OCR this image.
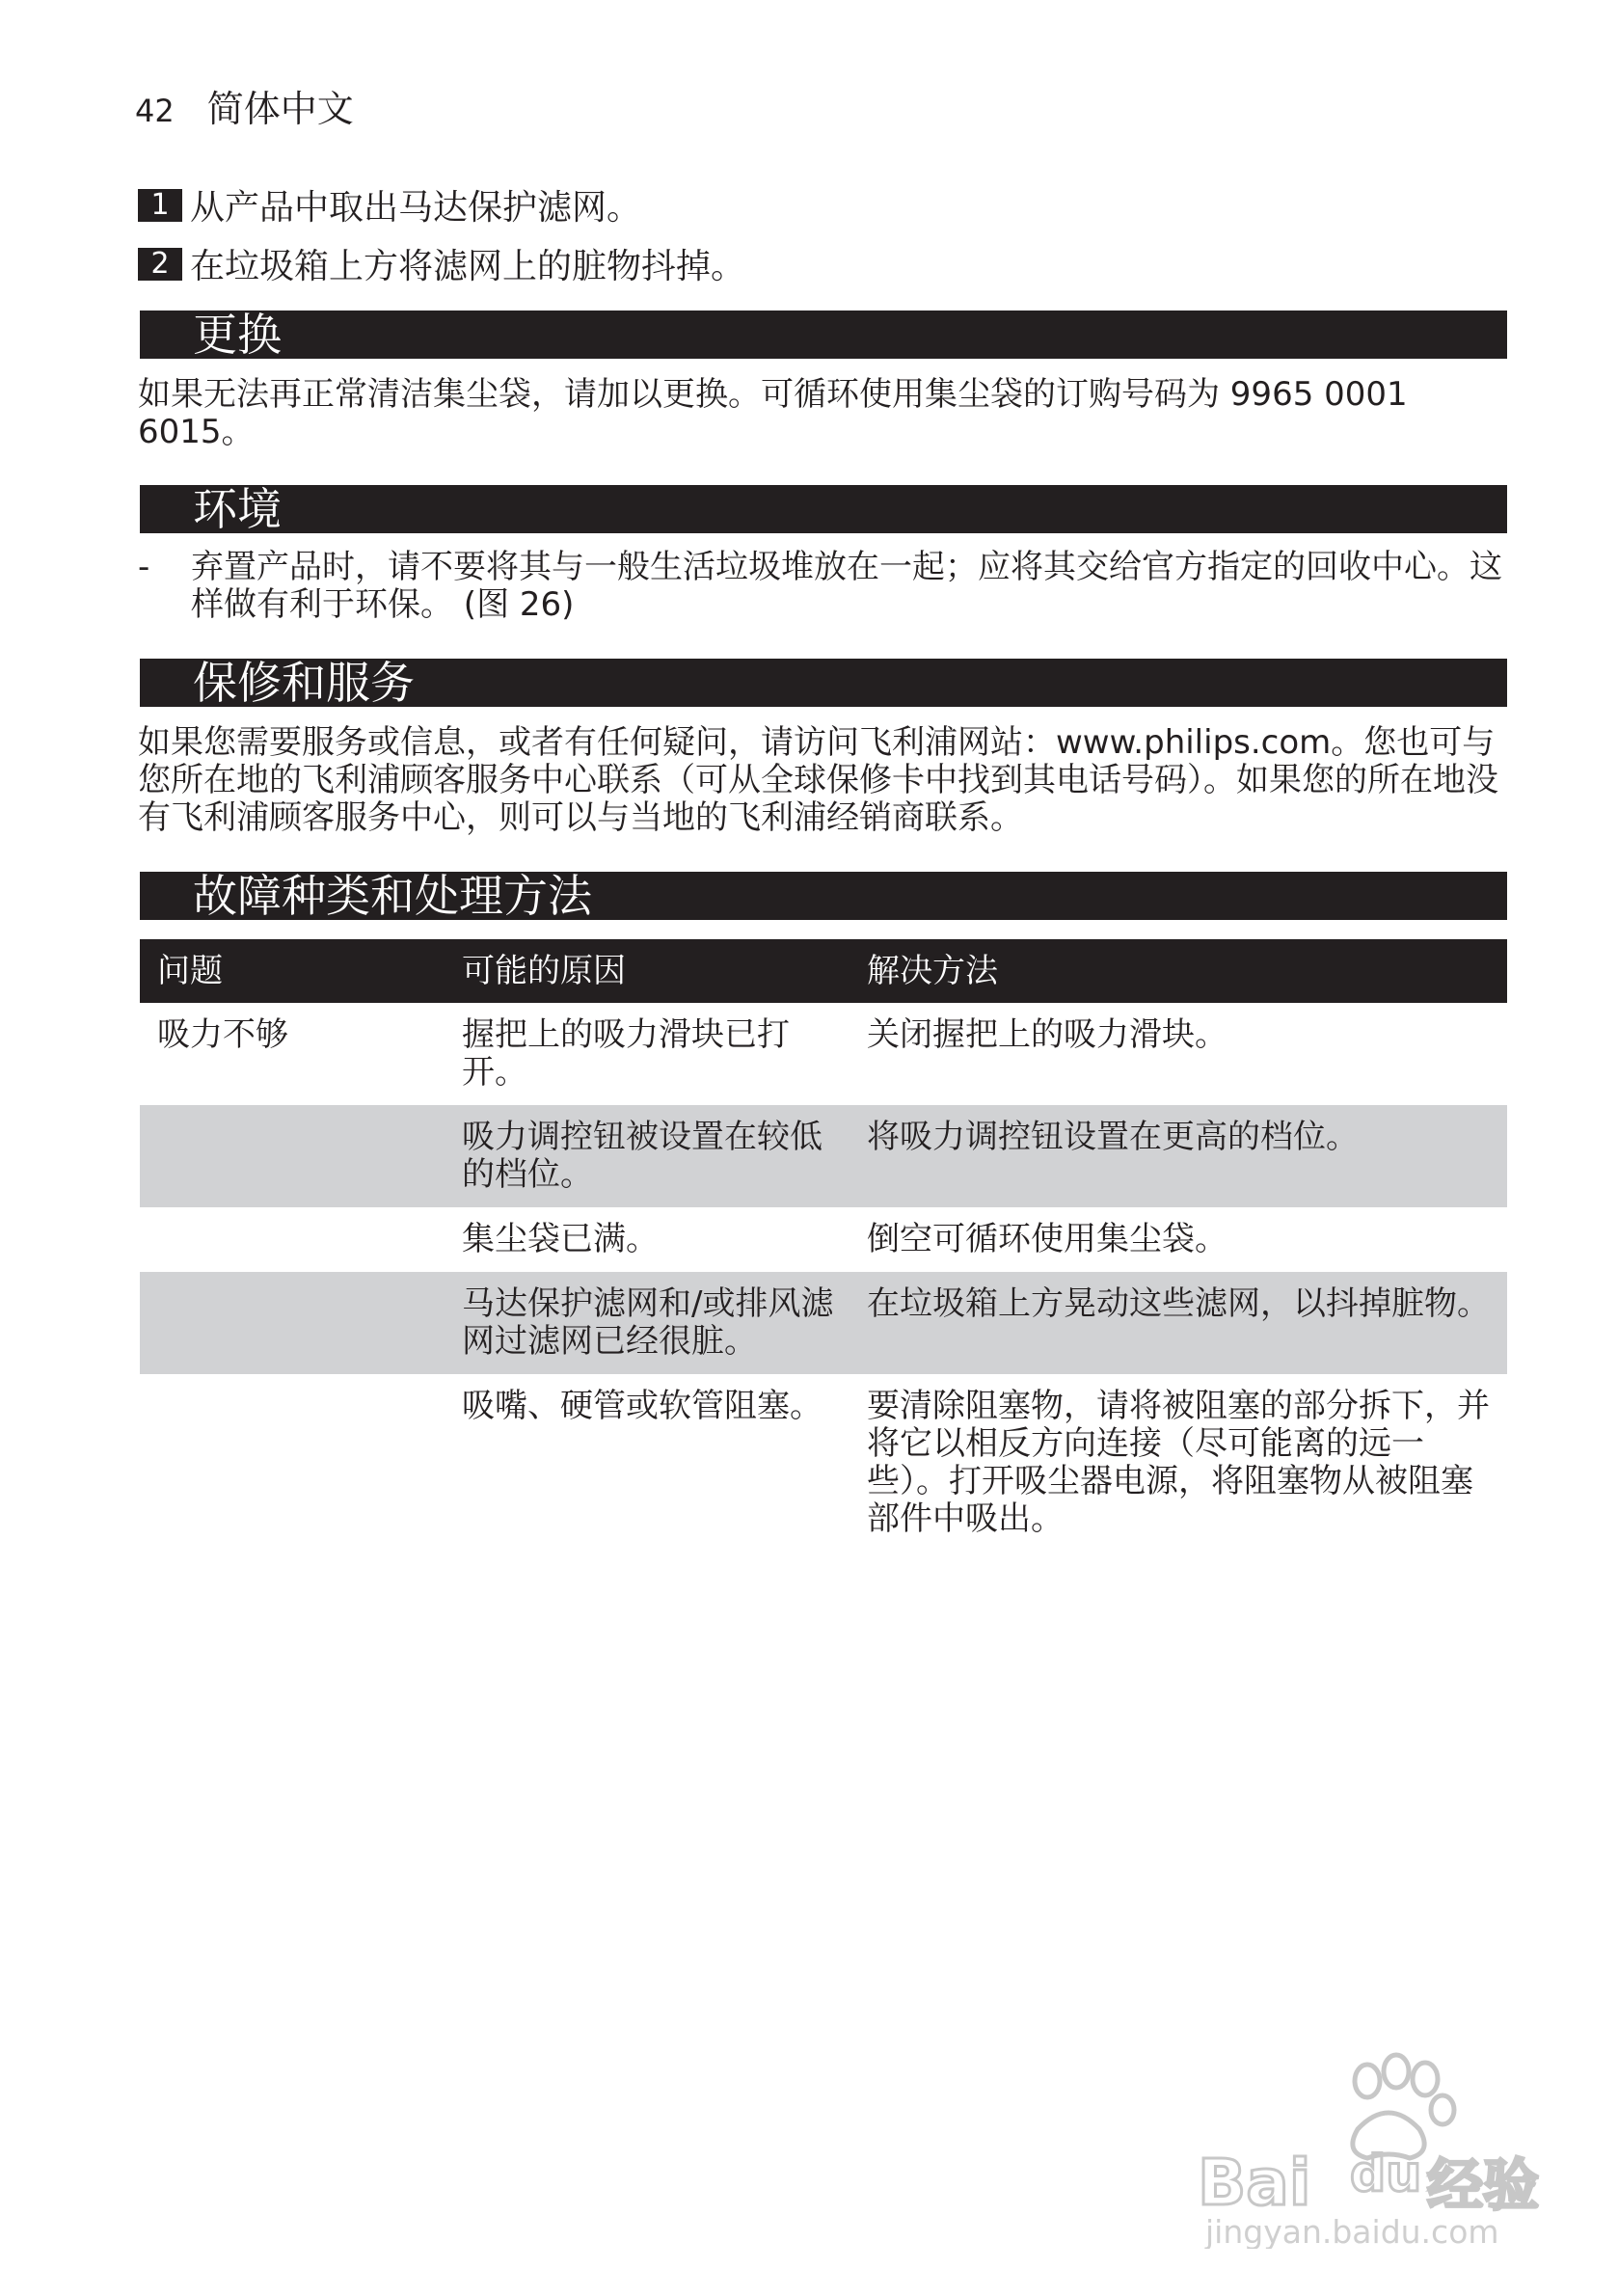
42 简体中文
1 从产品中取出马达保护滤网。
2 在垃圾箱上方将滤网上的脏物抖掉。
更换
如果无法再正常清洁集尘袋，请加以更换。可循环使用集尘袋的订购号码为 9965 0001 6015。
环境
- 弃置产品时，请不要将其与一般生活垃圾堆放在一起；应将其交给官方指定的回收中心。这样做有利于环保。 (图 26)
保修和服务
如果您需要服务或信息，或者有任何疑问，请访问飞利浦网站：www.philips.com。您也可与您所在地的飞利浦顾客服务中心联系（可从全球保修卡中找到其电话号码）。如果您的所在地没有飞利浦顾客服务中心，则可以与当地的飞利浦经销商联系。
故障种类和处理方法
问题	可能的原因	解决方法
吸力不够	握把上的吸力滑块已打开。	关闭握把上的吸力滑块。
	吸力调控钮被设置在较低的档位。	将吸力调控钮设置在更高的档位。
	集尘袋已满。	倒空可循环使用集尘袋。
	马达保护滤网和/或排风滤网过滤网已经很脏。	在垃圾箱上方晃动这些滤网，以抖掉脏物。
	吸嘴、硬管或软管阻塞。	要清除阻塞物，请将被阻塞的部分拆下，并将它以相反方向连接（尽可能离的远一些）。打开吸尘器电源，将阻塞物从被阻塞部件中吸出。
Bai du 经验
jingyan.baidu.com
